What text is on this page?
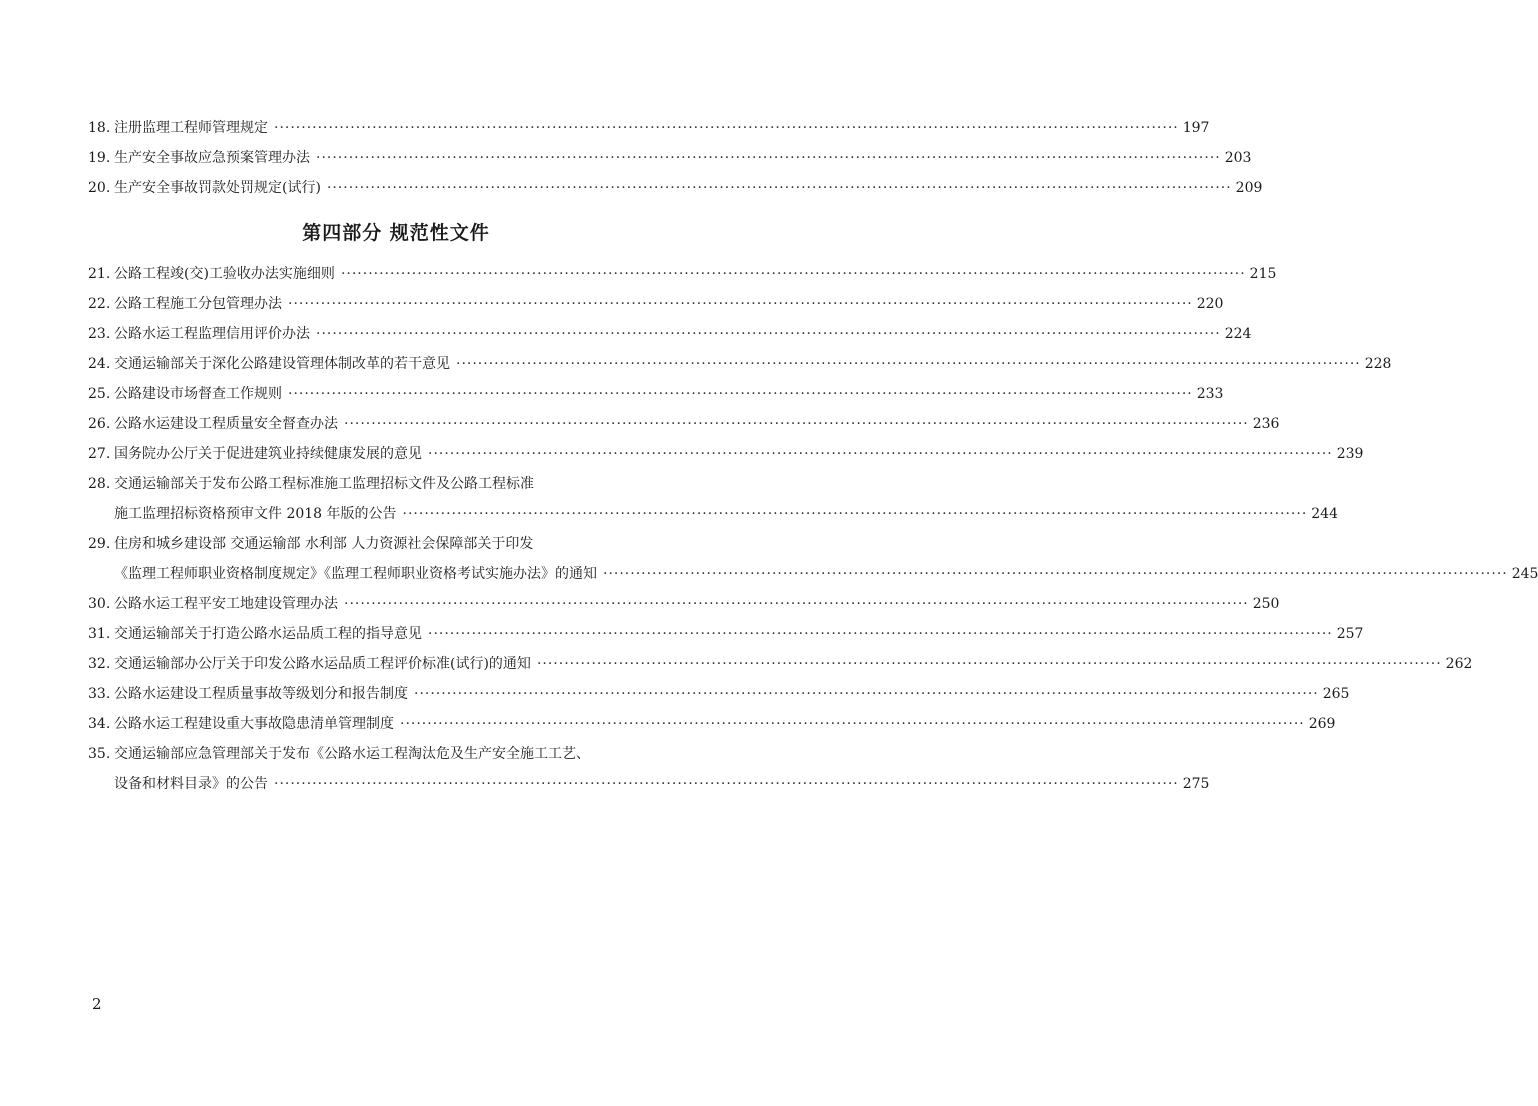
18. 注册监理工程师管理规定 ·····	197
19. 生产安全事故应急预案管理办法 ·····	203
20. 生产安全事故罚款处罚规定(试行) ·····	209
第四部分 规范性文件
21. 公路工程竣(交)工验收办法实施细则 ·····	215
22. 公路工程施工分包管理办法 ·····	220
23. 公路水运工程监理信用评价办法 ·····	224
24. 交通运输部关于深化公路建设管理体制改革的若干意见 ·····	228
25. 公路建设市场督查工作规则 ·····	233
26. 公路水运建设工程质量安全督查办法 ·····	236
27. 国务院办公厅关于促进建筑业持续健康发展的意见 ·····	239
28. 交通运输部关于发布公路工程标准施工监理招标文件及公路工程标准
施工监理招标资格预审文件 2018 年版的公告 ·····	244
29. 住房和城乡建设部 交通运输部 水利部 人力资源社会保障部关于印发
《监理工程师职业资格制度规定》《监理工程师职业资格考试实施办法》的通知 ·····	245
30. 公路水运工程平安工地建设管理办法 ·····	250
31. 交通运输部关于打造公路水运品质工程的指导意见 ·····	257
32. 交通运输部办公厅关于印发公路水运品质工程评价标准(试行)的通知 ·····	262
33. 公路水运建设工程质量事故等级划分和报告制度 ·····	265
34. 公路水运工程建设重大事故隐患清单管理制度 ·····	269
35. 交通运输部应急管理部关于发布《公路水运工程淘汰危及生产安全施工工艺、
设备和材料目录》的公告 ·····	275
2
